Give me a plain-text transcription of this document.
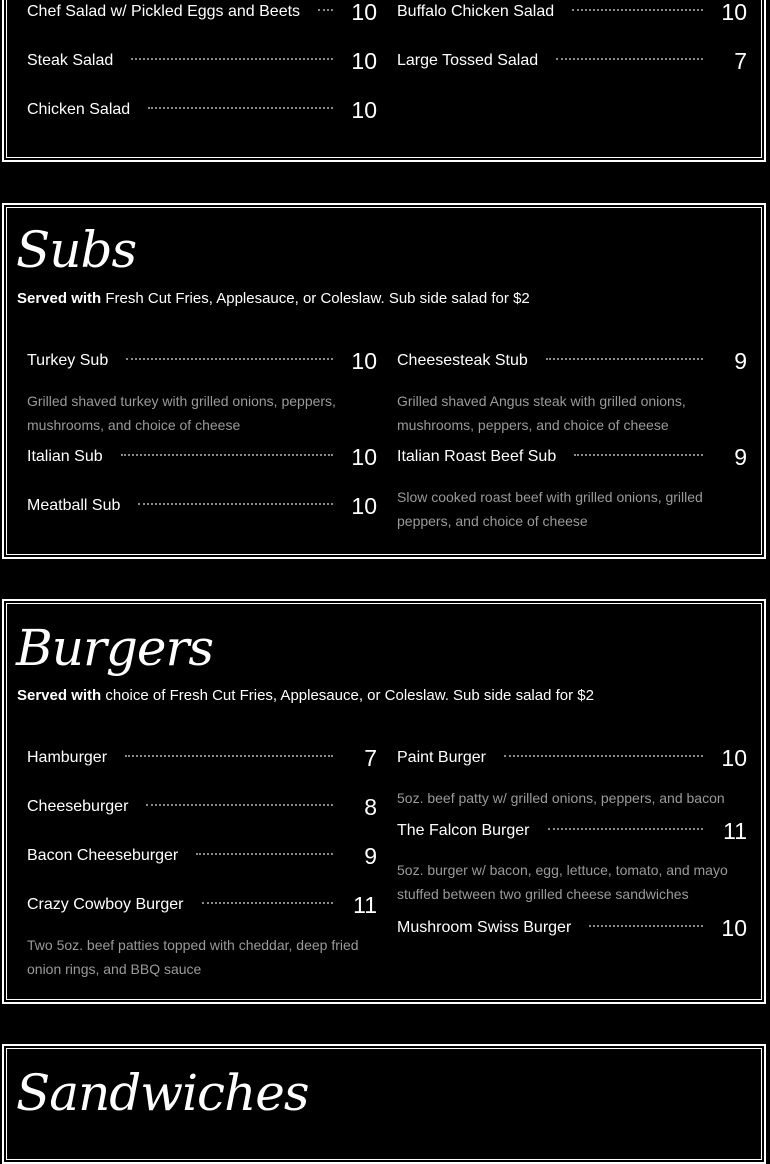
Chef Salad w/ Pickled Eggs and Beets 10
Steak Salad	10
Chicken Salad	10
Buffalo Chicken Salad	10
Large Tossed Salad	7
Subs
Served with Fresh Cut Fries, Applesauce, or Coleslaw. Sub side salad for $2
Turkey Sub	10
Grilled shaved turkey with grilled onions, peppers, mushrooms, and choice of cheese
Italian Sub	10
Meatball Sub	10
Cheesesteak Stub	9
Grilled shaved Angus steak with grilled onions, mushrooms, peppers, and choice of cheese
Italian Roast Beef Sub	9
Slow cooked roast beef with grilled onions, grilled peppers, and choice of cheese
Burgers
Served with choice of Fresh Cut Fries, Applesauce, or Coleslaw. Sub side salad for $2
Hamburger	7
Cheeseburger	8
Bacon Cheeseburger	9
Crazy Cowboy Burger	11
Two 5oz. beef patties topped with cheddar, deep fried onion rings, and BBQ sauce
Paint Burger	10
5oz. beef patty w/ grilled onions, peppers, and bacon
The Falcon Burger	11
5oz. burger w/ bacon, egg, lettuce, tomato, and mayo stuffed between two grilled cheese sandwiches
Mushroom Swiss Burger	10
Sandwiches
